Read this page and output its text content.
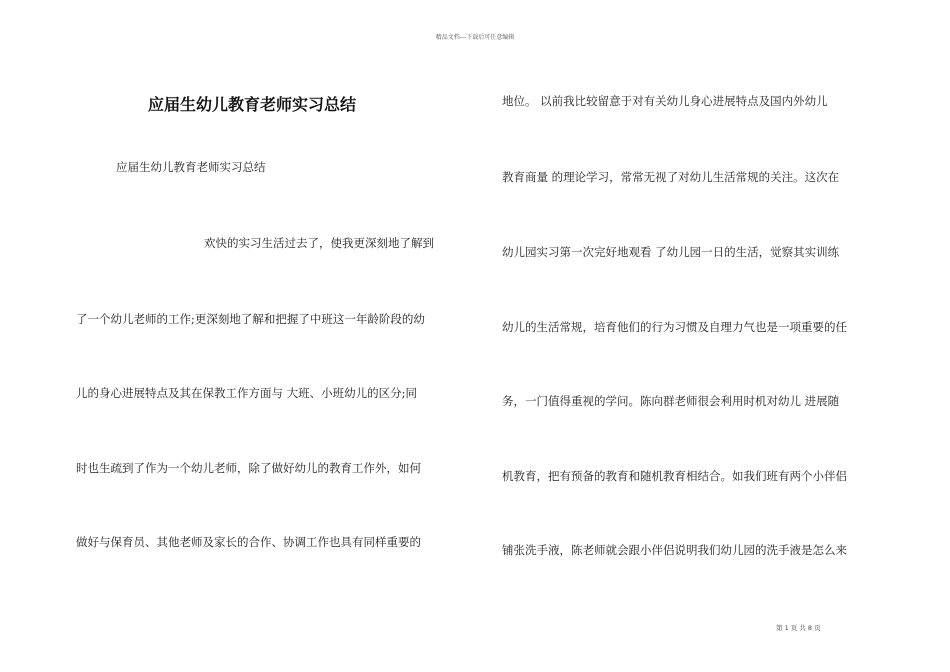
精品文档---下载后可任意编辑
应届生幼儿教育老师实习总结
应届生幼儿教育老师实习总结
欢快的实习生活过去了，使我更深刻地了解到
了一个幼儿老师的工作;更深刻地了解和把握了中班这一年龄阶段的幼
儿的身心进展特点及其在保教工作方面与 大班、小班幼儿的区分;同
时也生疏到了作为一个幼儿老师，除了做好幼儿的教育工作外，如何
做好与保育员、其他老师及家长的合作、协调工作也具有同样重要的
地位。 以前我比较留意于对有关幼儿身心进展特点及国内外幼儿
教育商量 的理论学习，常常无视了对幼儿生活常规的关注。这次在
幼儿园实习第一次完好地观看 了幼儿园一日的生活，觉察其实训练
幼儿的生活常规，培育他们的行为习惯及自理力气也是一项重要的任
务，一门值得重视的学问。陈向群老师很会利用时机对幼儿 进展随
机教育，把有预备的教育和随机教育相结合。如我们班有两个小伴侣
铺张洗手液，陈老师就会跟小伴侣说明我们幼儿园的洗手液是怎么来
第 1 页 共 8 页
